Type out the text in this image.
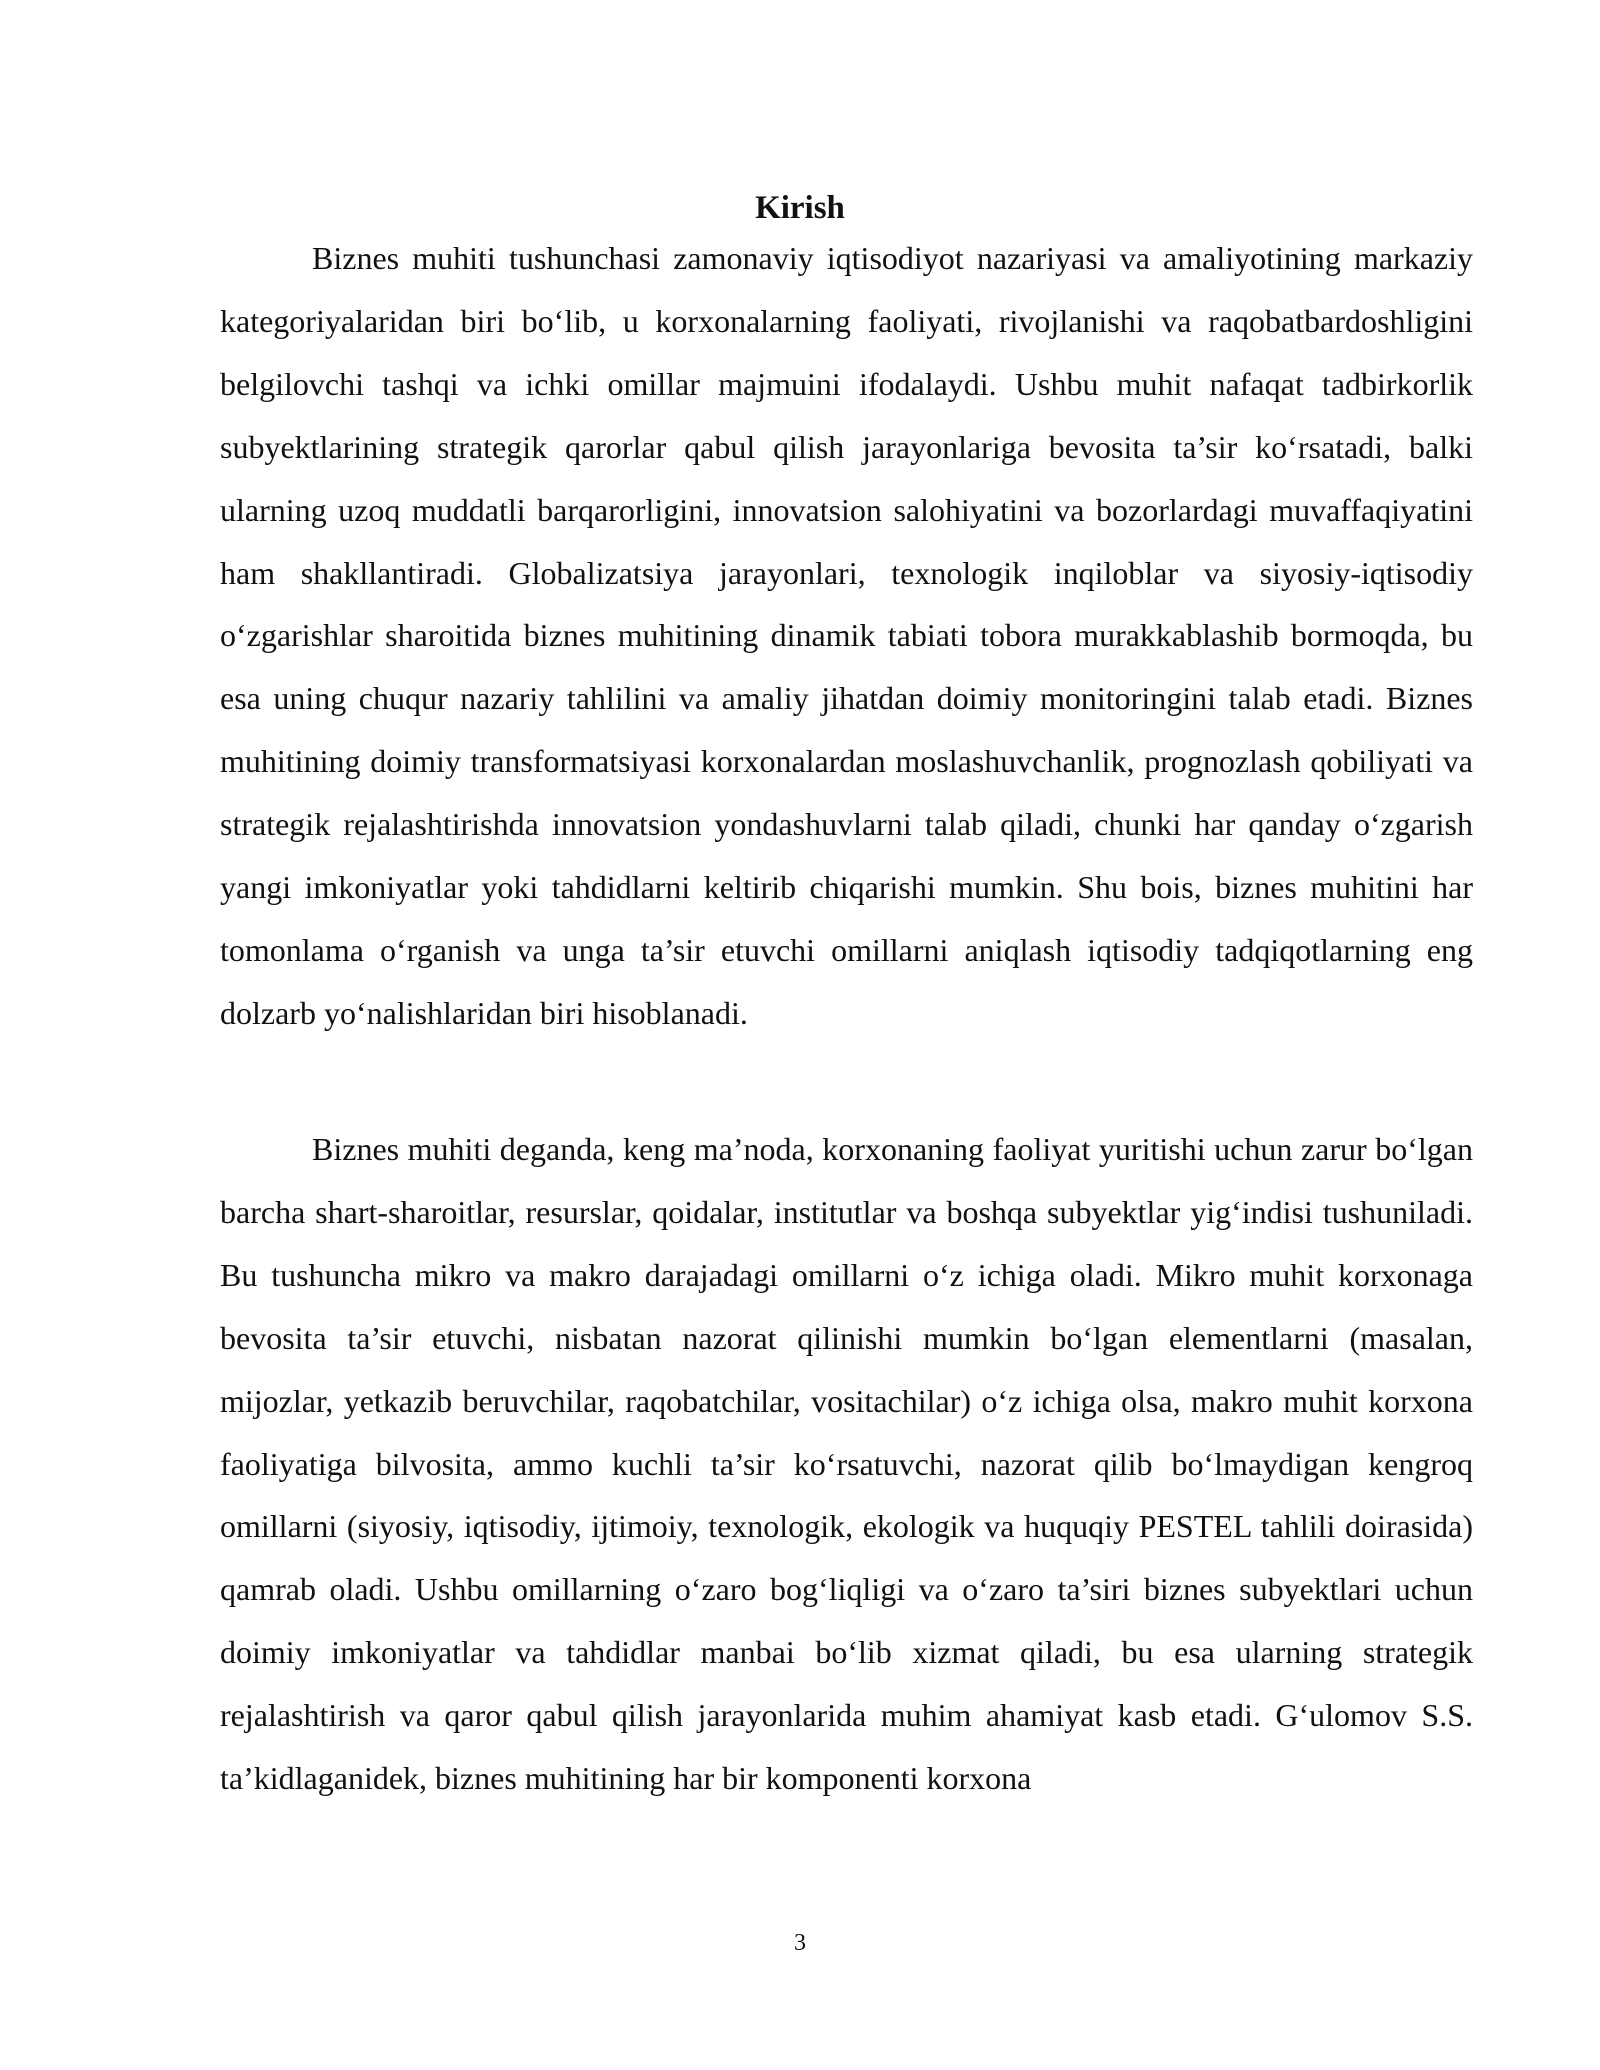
Kirish

Biznes muhiti tushunchasi zamonaviy iqtisodiyot nazariyasi va amaliyotining markaziy kategoriyalaridan biri bo‘lib, u korxonalarning faoliyati, rivojlanishi va raqobatbardoshligini belgilovchi tashqi va ichki omillar majmuini ifodalaydi. Ushbu muhit nafaqat tadbirkorlik subyektlarining strategik qarorlar qabul qilish jarayonlariga bevosita ta’sir ko‘rsatadi, balki ularning uzoq muddatli barqarorligini, innovatsion salohiyatini va bozorlardagi muvaffaqiyatini ham shakllantiradi. Globalizatsiya jarayonlari, texnologik inqiloblar va siyosiy-iqtisodiy o‘zgarishlar sharoitida biznes muhitining dinamik tabiati tobora murakkablashib bormoqda, bu esa uning chuqur nazariy tahlilini va amaliy jihatdan doimiy monitoringini talab etadi. Biznes muhitining doimiy transformatsiyasi korxonalardan moslashuvchanlik, prognozlash qobiliyati va strategik rejalashtirishda innovatsion yondashuvlarni talab qiladi, chunki har qanday o‘zgarish yangi imkoniyatlar yoki tahdidlarni keltirib chiqarishi mumkin. Shu bois, biznes muhitini har tomonlama o‘rganish va unga ta’sir etuvchi omillarni aniqlash iqtisodiy tadqiqotlarning eng dolzarb yo‘nalishlaridan biri hisoblanadi.

Biznes muhiti deganda, keng ma’noda, korxonaning faoliyat yuritishi uchun zarur bo‘lgan barcha shart-sharoitlar, resurslar, qoidalar, institutlar va boshqa subyektlar yig‘indisi tushuniladi. Bu tushuncha mikro va makro darajadagi omillarni o‘z ichiga oladi. Mikro muhit korxonaga bevosita ta’sir etuvchi, nisbatan nazorat qilinishi mumkin bo‘lgan elementlarni (masalan, mijozlar, yetkazib beruvchilar, raqobatchilar, vositachilar) o‘z ichiga olsa, makro muhit korxona faoliyatiga bilvosita, ammo kuchli ta’sir ko‘rsatuvchi, nazorat qilib bo‘lmaydigan kengroq omillarni (siyosiy, iqtisodiy, ijtimoiy, texnologik, ekologik va huquqiy PESTEL tahlili doirasida) qamrab oladi. Ushbu omillarning o‘zaro bog‘liqligi va o‘zaro ta’siri biznes subyektlari uchun doimiy imkoniyatlar va tahdidlar manbai bo‘lib xizmat qiladi, bu esa ularning strategik rejalashtirish va qaror qabul qilish jarayonlarida muhim ahamiyat kasb etadi. G‘ulomov S.S. ta’kidlaganidek, biznes muhitining har bir komponenti korxona

3
